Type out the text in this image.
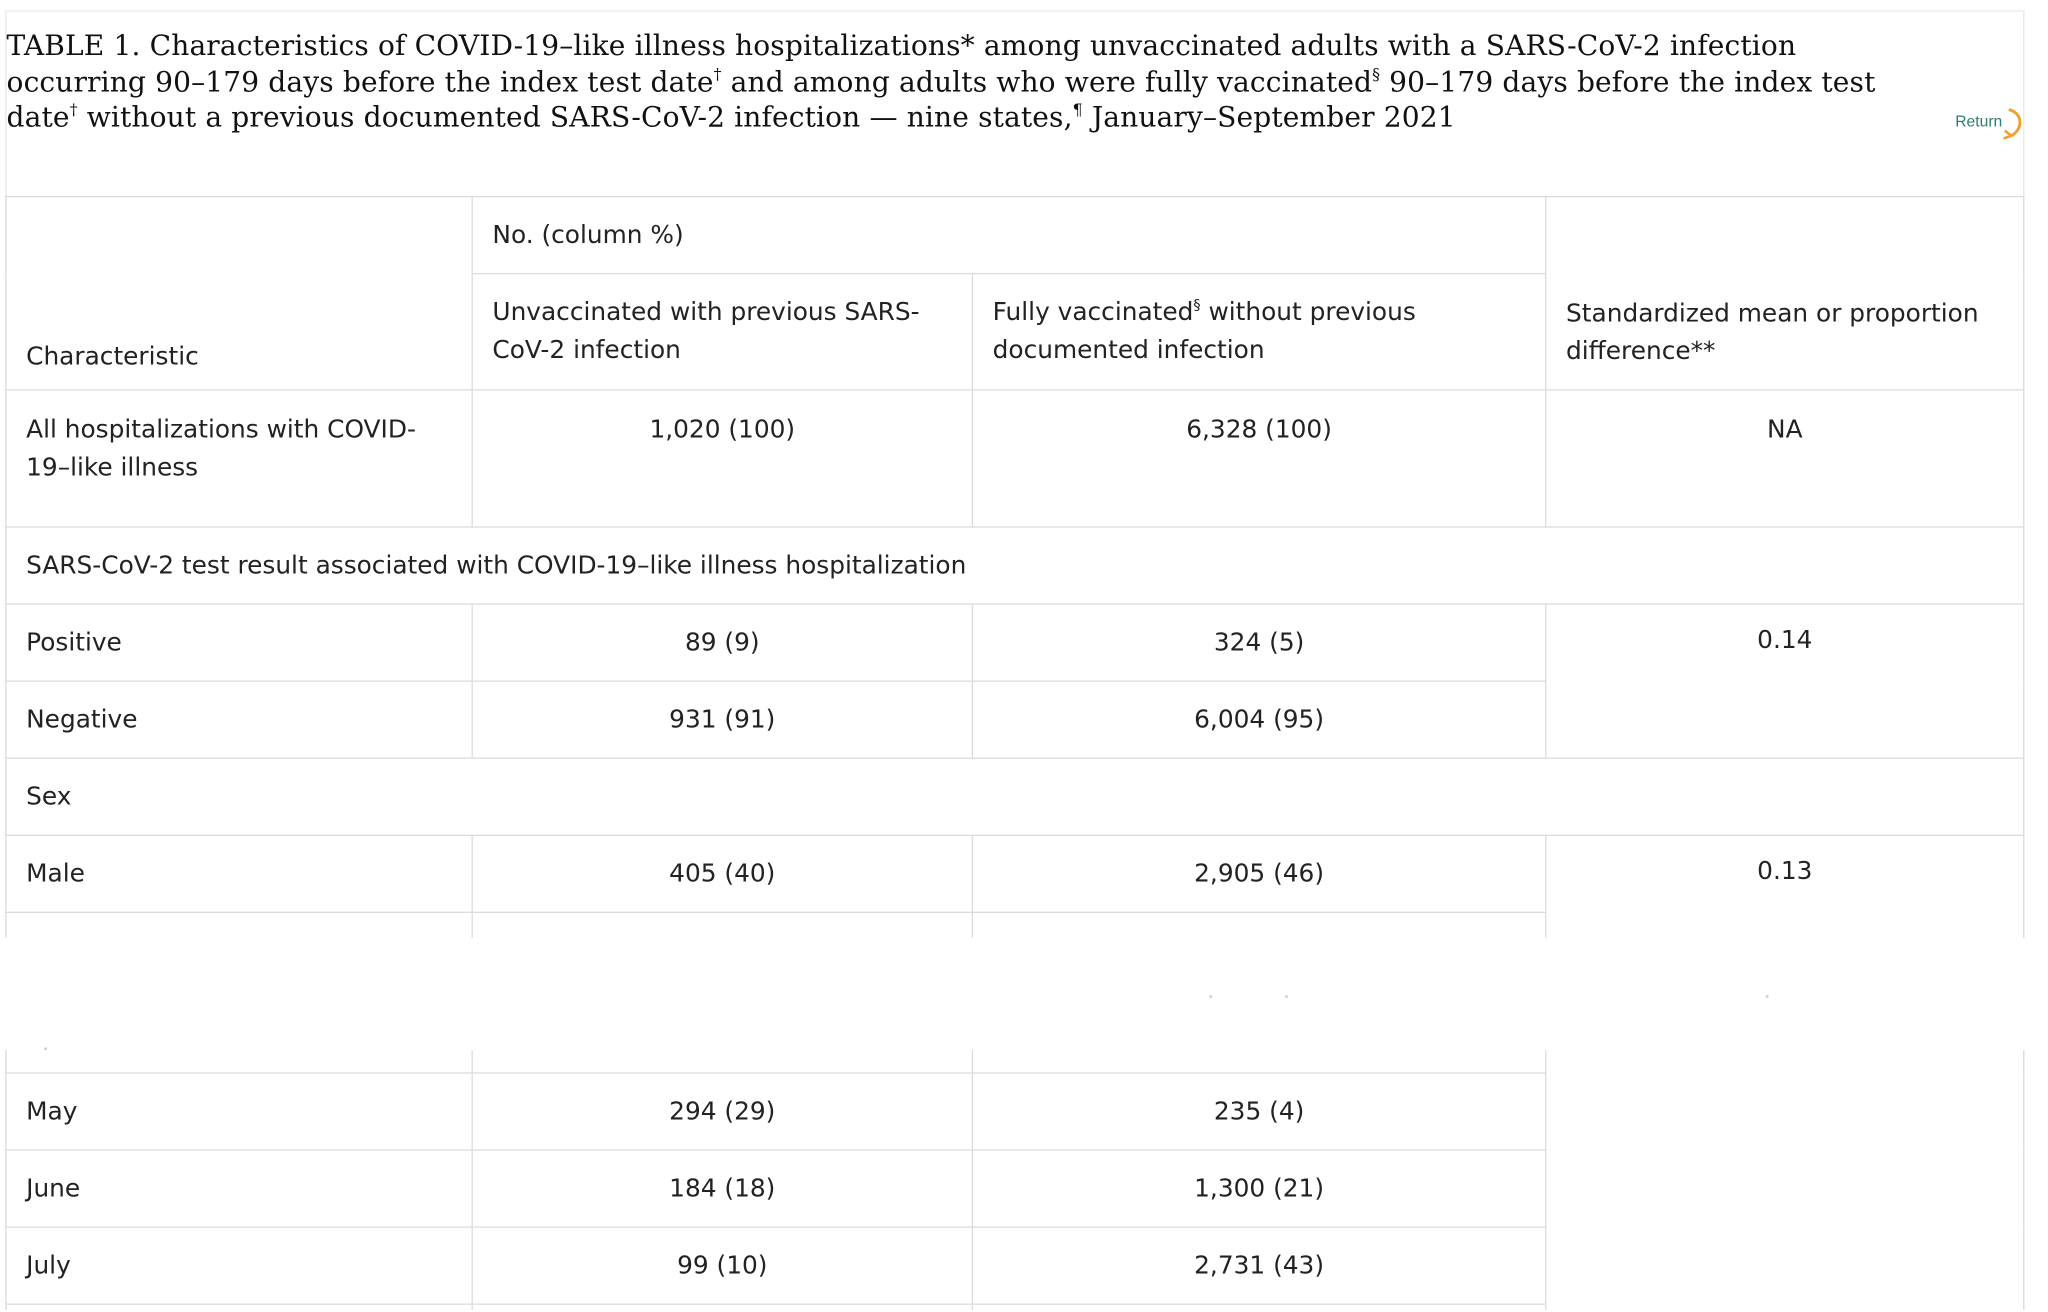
TABLE 1. Characteristics of COVID-19–like illness hospitalizations* among unvaccinated adults with a SARS-CoV-2 infection
occurring 90–179 days before the index test date† and among adults who were fully vaccinated§ 90–179 days before the index test
date† without a previous documented SARS-CoV-2 infection — nine states,¶ January–September 2021	Return
Characteristic	No. (column %)		Standardized mean or proportion difference**
	Unvaccinated with previous SARS-CoV-2 infection	Fully vaccinated§ without previous documented infection	
All hospitalizations with COVID-19–like illness	1,020 (100)	6,328 (100)	NA
SARS-CoV-2 test result associated with COVID-19–like illness hospitalization			
Positive	89 (9)	324 (5)	0.14
Negative	931 (91)	6,004 (95)	
Sex			
Male	405 (40)	2,905 (46)	0.13

May	294 (29)	235 (4)	
June	184 (18)	1,300 (21)	
July	99 (10)	2,731 (43)	
